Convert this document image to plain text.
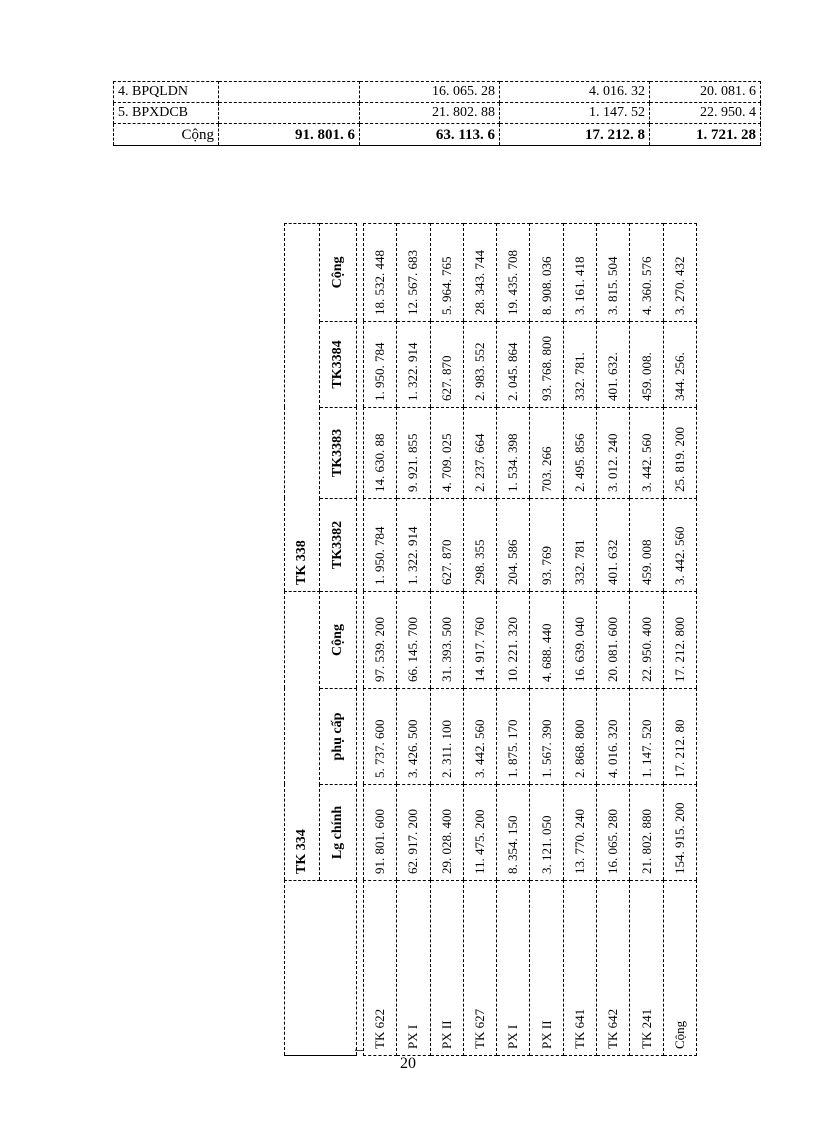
4. BPQLDN		16. 065. 28	4. 016. 32	20. 081. 6
5. BPXDCB		21. 802. 88	1. 147. 52	22. 950. 4
Cộng	91. 801. 6	63. 113. 6	17. 212. 8	1. 721. 28
	TK 334			TK 338			
	Lg chính	phụ cấp	Cộng	TK3382	TK3383	TK3384	Cộng
[							
TK 622	91. 801. 600	5. 737. 600	97. 539. 200	1. 950. 784	14. 630. 88	1. 950. 784	18. 532. 448
PX I	62. 917. 200	3. 426. 500	66. 145. 700	1. 322. 914	9. 921. 855	1. 322. 914	12. 567. 683
PX II	29. 028. 400	2. 311. 100	31. 393. 500	627. 870	4. 709. 025	627. 870	5. 964. 765
TK 627	11. 475. 200	3. 442. 560	14. 917. 760	298. 355	2. 237. 664	2. 983. 552	28. 343. 744
PX I	8. 354. 150	1. 875. 170	10. 221. 320	204. 586	1. 534. 398	2. 045. 864	19. 435. 708
PX II	3. 121. 050	1. 567. 390	4. 688. 440	93. 769	703. 266	93. 768. 800	8. 908. 036
TK 641	13. 770. 240	2. 868. 800	16. 639. 040	332. 781	2. 495. 856	332. 781.	3. 161. 418
TK 642	16. 065. 280	4. 016. 320	20. 081. 600	401. 632	3. 012. 240	401. 632.	3. 815. 504
TK 241	21. 802. 880	1. 147. 520	22. 950. 400	459. 008	3. 442. 560	459. 008.	4. 360. 576
Cộng	154. 915. 200	17. 212. 80	17. 212. 800	3. 442. 560	25. 819. 200	344. 256.	3. 270. 432
20
